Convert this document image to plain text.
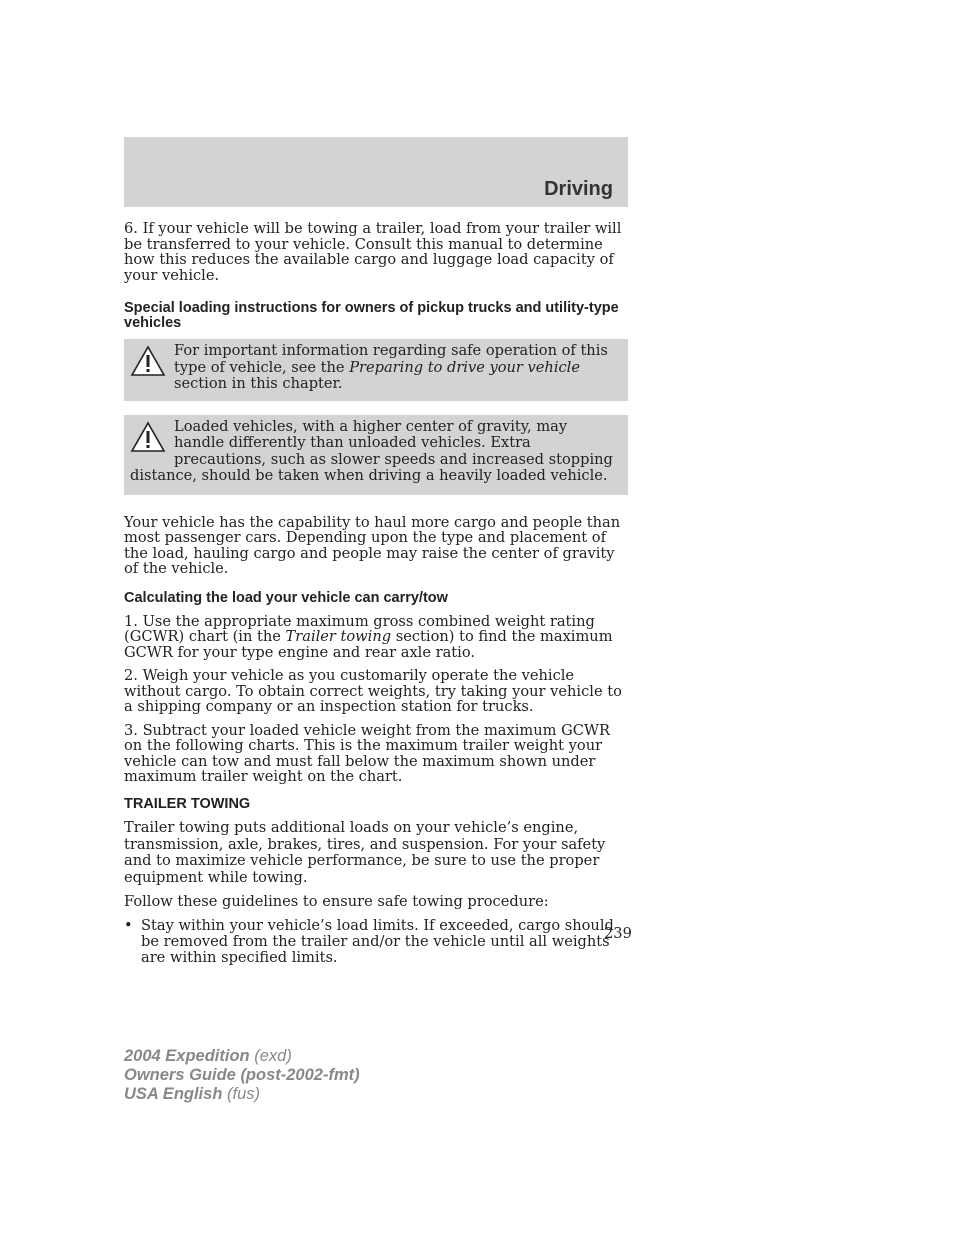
Driving

6. If your vehicle will be towing a trailer, load from your trailer will be transferred to your vehicle. Consult this manual to determine how this reduces the available cargo and luggage load capacity of your vehicle.

Special loading instructions for owners of pickup trucks and utility-type vehicles
For important information regarding safe operation of this type of vehicle, see the Preparing to drive your vehicle section in this chapter.
Loaded vehicles, with a higher center of gravity, may handle differently than unloaded vehicles. Extra precautions, such as slower speeds and increased stopping distance, should be taken when driving a heavily loaded vehicle.

Your vehicle has the capability to haul more cargo and people than most passenger cars. Depending upon the type and placement of the load, hauling cargo and people may raise the center of gravity of the vehicle.

Calculating the load your vehicle can carry/tow

1. Use the appropriate maximum gross combined weight rating (GCWR) chart (in the Trailer towing section) to find the maximum GCWR for your type engine and rear axle ratio.

2. Weigh your vehicle as you customarily operate the vehicle without cargo. To obtain correct weights, try taking your vehicle to a shipping company or an inspection station for trucks.

3. Subtract your loaded vehicle weight from the maximum GCWR on the following charts. This is the maximum trailer weight your vehicle can tow and must fall below the maximum shown under maximum trailer weight on the chart.

TRAILER TOWING

Trailer towing puts additional loads on your vehicle’s engine, transmission, axle, brakes, tires, and suspension. For your safety and to maximize vehicle performance, be sure to use the proper equipment while towing.

Follow these guidelines to ensure safe towing procedure:

• Stay within your vehicle’s load limits. If exceeded, cargo should be removed from the trailer and/or the vehicle until all weights are within specified limits.
239
2004 Expedition (exd)
Owners Guide (post-2002-fmt)
USA English (fus)
